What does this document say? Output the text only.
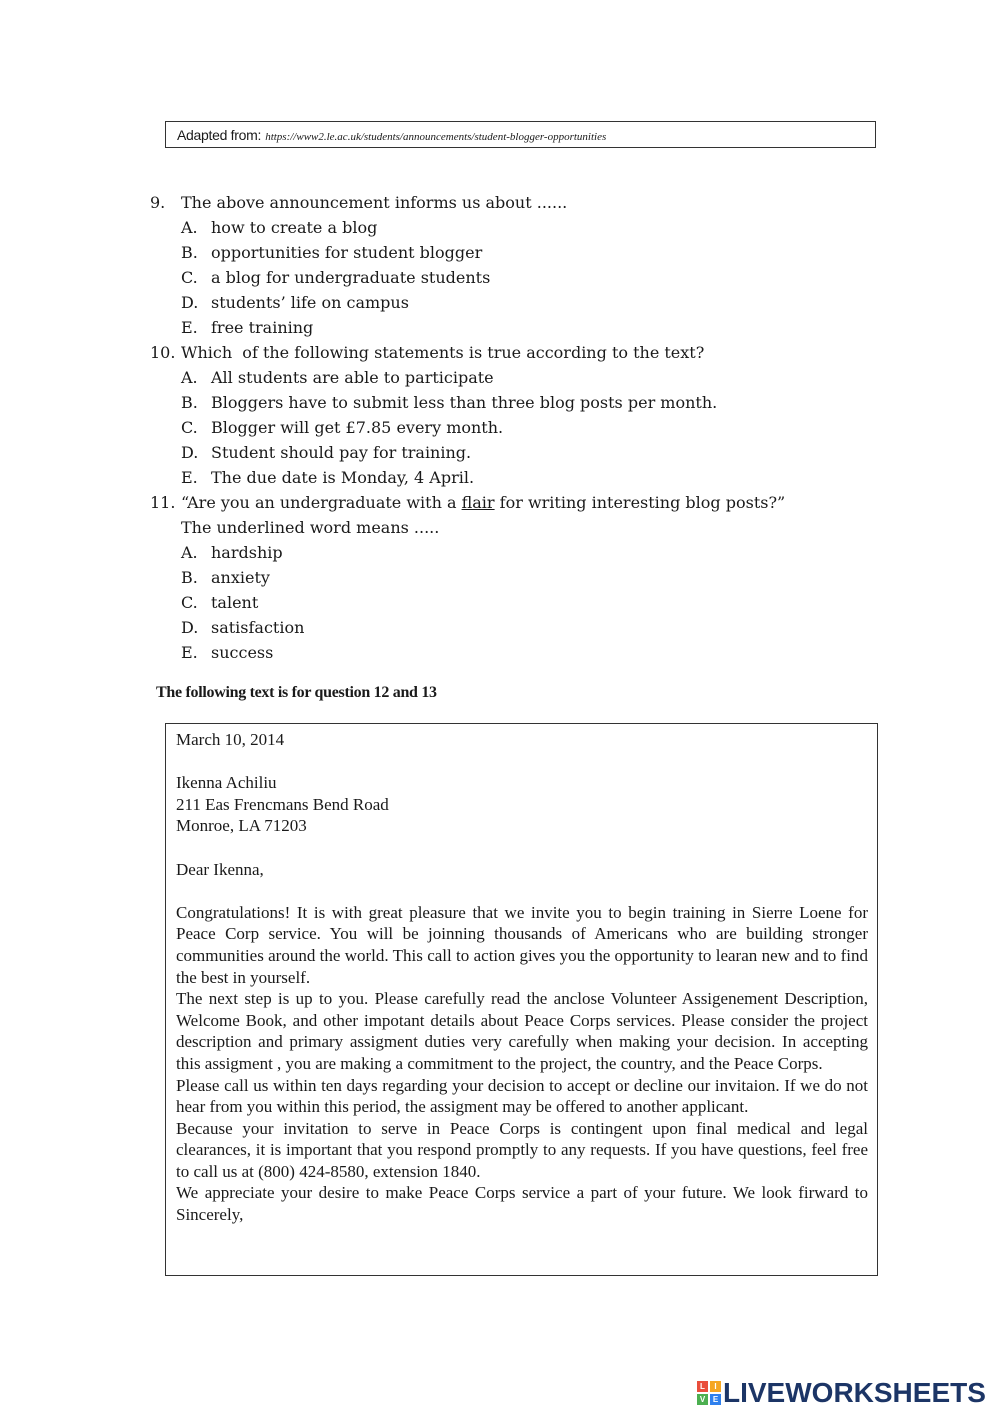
Adapted from: https://www2.le.ac.uk/students/announcements/student-blogger-opportunities
9. The above announcement informs us about ......
A. how to create a blog
B. opportunities for student blogger
C. a blog for undergraduate students
D. students’ life on campus
E. free training
10. Which  of the following statements is true according to the text?
A. All students are able to participate
B. Bloggers have to submit less than three blog posts per month.
C. Blogger will get £7.85 every month.
D. Student should pay for training.
E. The due date is Monday, 4 April.
11. “Are you an undergraduate with a flair for writing interesting blog posts?”
The underlined word means .....
A. hardship
B. anxiety
C. talent
D. satisfaction
E. success
The following text is for question 12 and 13

March 10, 2014

Ikenna Achiliu

211 Eas Frencmans Bend Road

Monroe, LA 71203

Dear Ikenna,

Congratulations! It is with great pleasure that we invite you to begin training in Sierre Loene for Peace Corp service. You will be joinning thousands of Americans who are building stronger communities around the world. This call to action gives you the opportunity to learan new and to find the best in yourself.

The next step is up to you. Please carefully read the anclose Volunteer Assigenement Description, Welcome Book, and other impotant details about Peace Corps services. Please consider the project description and primary assigment duties very carefully when making your decision. In accepting this assigment , you are making a commitment to the project, the country, and the Peace Corps.

Please call us within ten days regarding your decision to accept or decline our invitaion. If we do not hear from you within this period, the assigment may be offered to another applicant.

Because your invitation to serve in Peace Corps is contingent upon final medical and legal clearances, it is important that you respond promptly to any requests. If you have questions, feel free to call us at (800) 424-8580, extension 1840.

We appreciate your desire to make Peace Corps service a part of your future. We look firward to Sincerely,

L	I
V E LIVEWORKSHEETS
